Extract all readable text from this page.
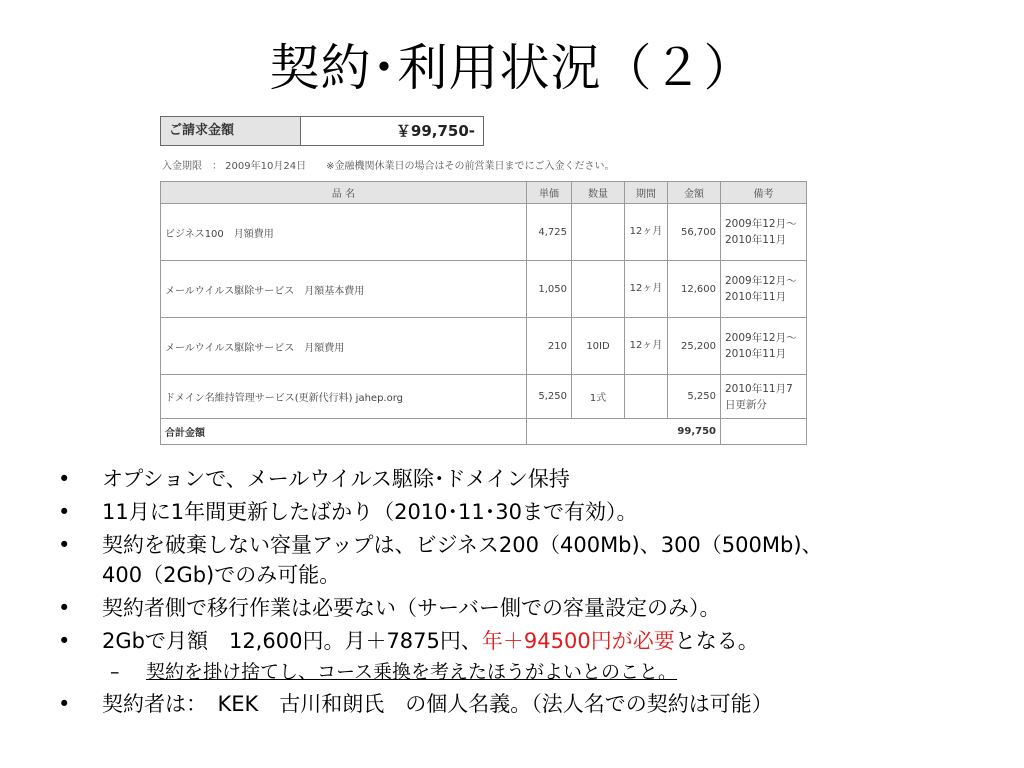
契約･利用状況（２）
ご請求金額	￥99,750-
入金期限　： 2009年10月24日　　※金融機関休業日の場合はその前営業日までにご入金ください。
品 名	単価	数量	期間	金額	備考
ビジネス100　月額費用	4,725		12ヶ月	56,700	2009年12月～2010年11月
メールウイルス駆除サービス　月額基本費用	1,050		12ヶ月	12,600	2009年12月～2010年11月
メールウイルス駆除サービス　月額費用	210	10ID	12ヶ月	25,200	2009年12月～2010年11月
ドメイン名維持管理サービス(更新代行料) jahep.org	5,250	1式		5,250	2010年11月7日更新分
合計金額	99,750				
• オプションで、メールウイルス駆除･ドメイン保持
• 11月に1年間更新したばかり（2010･11･30まで有効）。
• 契約を破棄しない容量アップは、ビジネス200（400Mb)、300（500Mb)、
400（2Gb)でのみ可能。
• 契約者側で移行作業は必要ない（サーバー側での容量設定のみ）。
• 2Gbで月額　12,600円。月＋7875円、年＋94500円が必要となる。
– 契約を掛け捨てし、コース乗換を考えたほうがよいとのこと。
• 契約者は：　KEK　古川和朗氏　の個人名義。（法人名での契約は可能）
